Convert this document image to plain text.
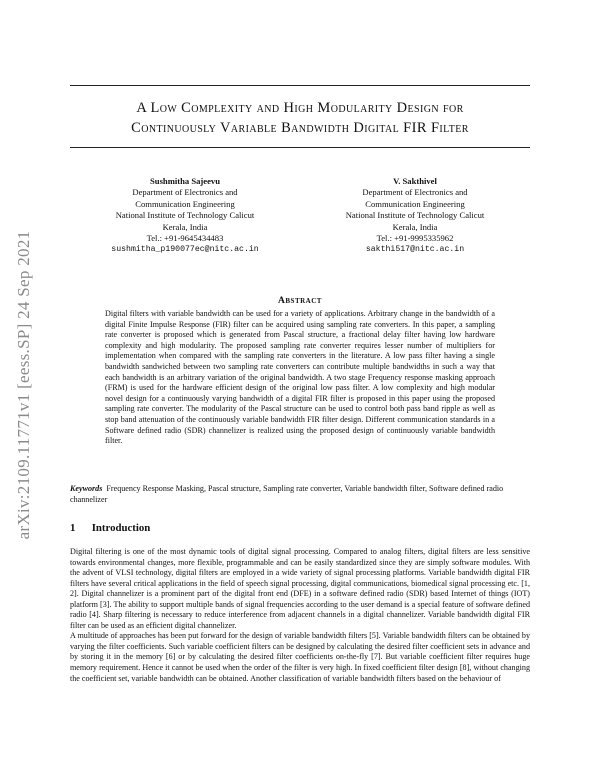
arXiv:2109.11771v1 [eess.SP] 24 Sep 2021
A Low Complexity and High Modularity Design for
Continuously Variable Bandwidth Digital FIR Filter
Sushmitha Sajeevu
Department of Electronics and
Communication Engineering
National Institute of Technology Calicut
Kerala, India
Tel.: +91-9645434483
sushmitha_p190077ec@nitc.ac.in
V. Sakthivel
Department of Electronics and
Communication Engineering
National Institute of Technology Calicut
Kerala, India
Tel.: +91-9995335962
sakthi517@nitc.ac.in
Abstract
Digital filters with variable bandwidth can be used for a variety of applications. Arbitrary change in the bandwidth of a digital Finite Impulse Response (FIR) filter can be acquired using sampling rate converters. In this paper, a sampling rate converter is proposed which is generated from Pascal structure, a fractional delay filter having low hardware complexity and high modularity. The proposed sampling rate converter requires lesser number of multipliers for implementation when compared with the sampling rate converters in the literature. A low pass filter having a single bandwidth sandwiched between two sampling rate converters can contribute multiple bandwidths in such a way that each bandwidth is an arbitrary variation of the original bandwidth. A two stage Frequency response masking approach (FRM) is used for the hardware efficient design of the original low pass filter. A low complexity and high modular novel design for a continuously varying bandwidth of a digital FIR filter is proposed in this paper using the proposed sampling rate converter. The modularity of the Pascal structure can be used to control both pass band ripple as well as stop band attenuation of the continuously variable bandwidth FIR filter design. Different communication standards in a Software defined radio (SDR) channelizer is realized using the proposed design of continuously variable bandwidth filter.
Keywords Frequency Response Masking, Pascal structure, Sampling rate converter, Variable bandwidth filter, Software defined radio channelizer
1 Introduction

Digital filtering is one of the most dynamic tools of digital signal processing. Compared to analog filters, digital filters are less sensitive towards environmental changes, more flexible, programmable and can be easily standardized since they are simply software modules. With the advent of VLSI technology, digital filters are employed in a wide variety of signal processing platforms. Variable bandwidth digital FIR filters have several critical applications in the field of speech signal processing, digital communications, biomedical signal processing etc. [1, 2]. Digital channelizer is a prominent part of the digital front end (DFE) in a software defined radio (SDR) based Internet of things (IOT) platform [3]. The ability to support multiple bands of signal frequencies according to the user demand is a special feature of software defined radio [4]. Sharp filtering is necessary to reduce interference from adjacent channels in a digital channelizer. Variable bandwidth digital FIR filter can be used as an efficient digital channelizer.

A multitude of approaches has been put forward for the design of variable bandwidth filters [5]. Variable bandwidth filters can be obtained by varying the filter coefficients. Such variable coefficient filters can be designed by calculating the desired filter coefficient sets in advance and by storing it in the memory [6] or by calculating the desired filter coefficients on-the-fly [7]. But variable coefficient filter requires huge memory requirement. Hence it cannot be used when the order of the filter is very high. In fixed coefficient filter design [8], without changing the coefficient set, variable bandwidth can be obtained. Another classification of variable bandwidth filters based on the behaviour of
